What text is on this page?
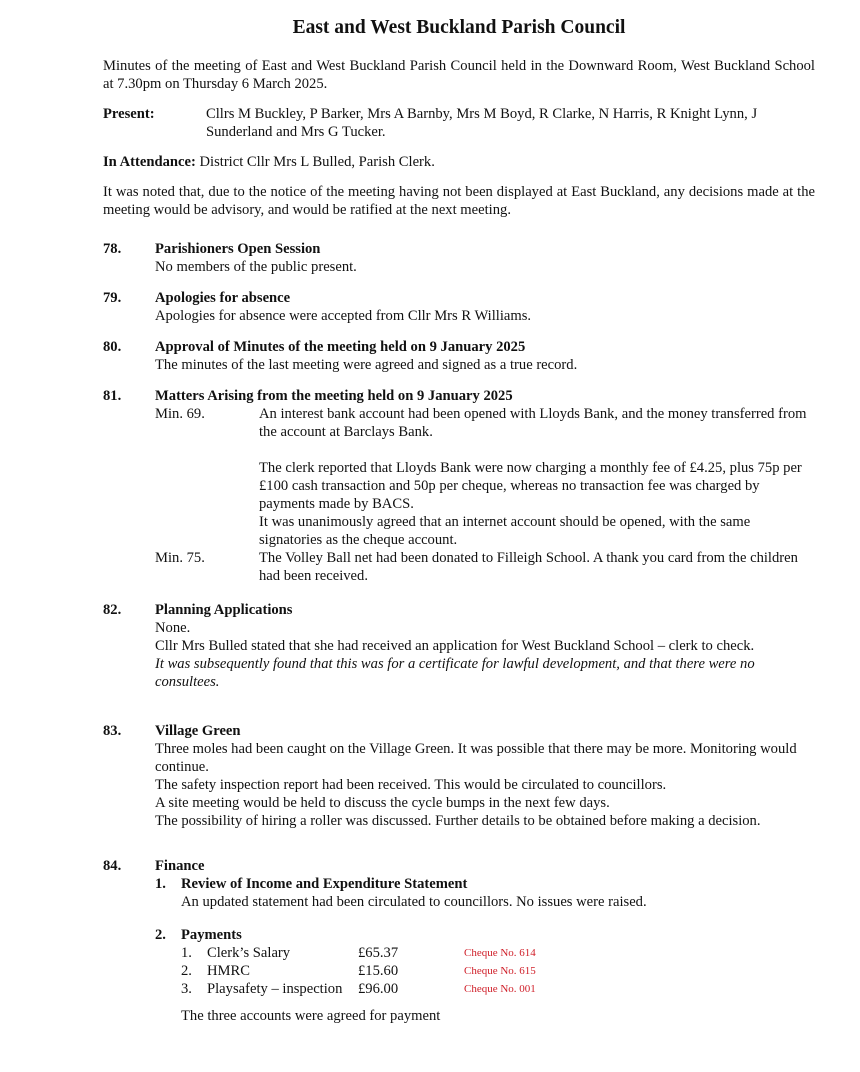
East and West Buckland Parish Council

Minutes of the meeting of East and West Buckland Parish Council held in the Downward Room, West Buckland School at 7.30pm on Thursday 6 March 2025.

Present:	Cllrs M Buckley, P Barker, Mrs A Barnby, Mrs M Boyd, R Clarke, N Harris, R Knight Lynn, J Sunderland and Mrs G Tucker.
In Attendance: District Cllr Mrs L Bulled, Parish Clerk.

It was noted that, due to the notice of the meeting having not been displayed at East Buckland, any decisions made at the meeting would be advisory, and would be ratified at the next meeting.

78.	Parishioners Open Session
No members of the public present.
79.	Apologies for absence
Apologies for absence were accepted from Cllr Mrs R Williams.
80.	Approval of Minutes of the meeting held on 9 January 2025
The minutes of the last meeting were agreed and signed as a true record.
81.	Matters Arising from the meeting held on 9 January 2025
Min. 69.	An interest bank account had been opened with Lloyds Bank, and the money transferred from the account at Barclays Bank.
The clerk reported that Lloyds Bank were now charging a monthly fee of £4.25, plus 75p per £100 cash transaction and 50p per cheque, whereas no transaction fee was charged by payments made by BACS.
It was unanimously agreed that an internet account should be opened, with the same signatories as the cheque account.
Min. 75.	The Volley Ball net had been donated to Filleigh School. A thank you card from the children had been received.
82.	Planning Applications
None.
Cllr Mrs Bulled stated that she had received an application for West Buckland School – clerk to check.
It was subsequently found that this was for a certificate for lawful development, and that there were no consultees.
83.	Village Green
Three moles had been caught on the Village Green. It was possible that there may be more. Monitoring would continue.
The safety inspection report had been received. This would be circulated to councillors.
A site meeting would be held to discuss the cycle bumps in the next few days.
The possibility of hiring a roller was discussed. Further details to be obtained before making a decision.
84.	Finance
1.	Review of Income and Expenditure Statement
An updated statement had been circulated to councillors. No issues were raised.
2.	Payments
1.	Clerk’s Salary	£65.37	Cheque No. 614
2.	HMRC	£15.60	Cheque No. 615
3.	Playsafety – inspection	£96.00	Cheque No. 001
The three accounts were agreed for payment
